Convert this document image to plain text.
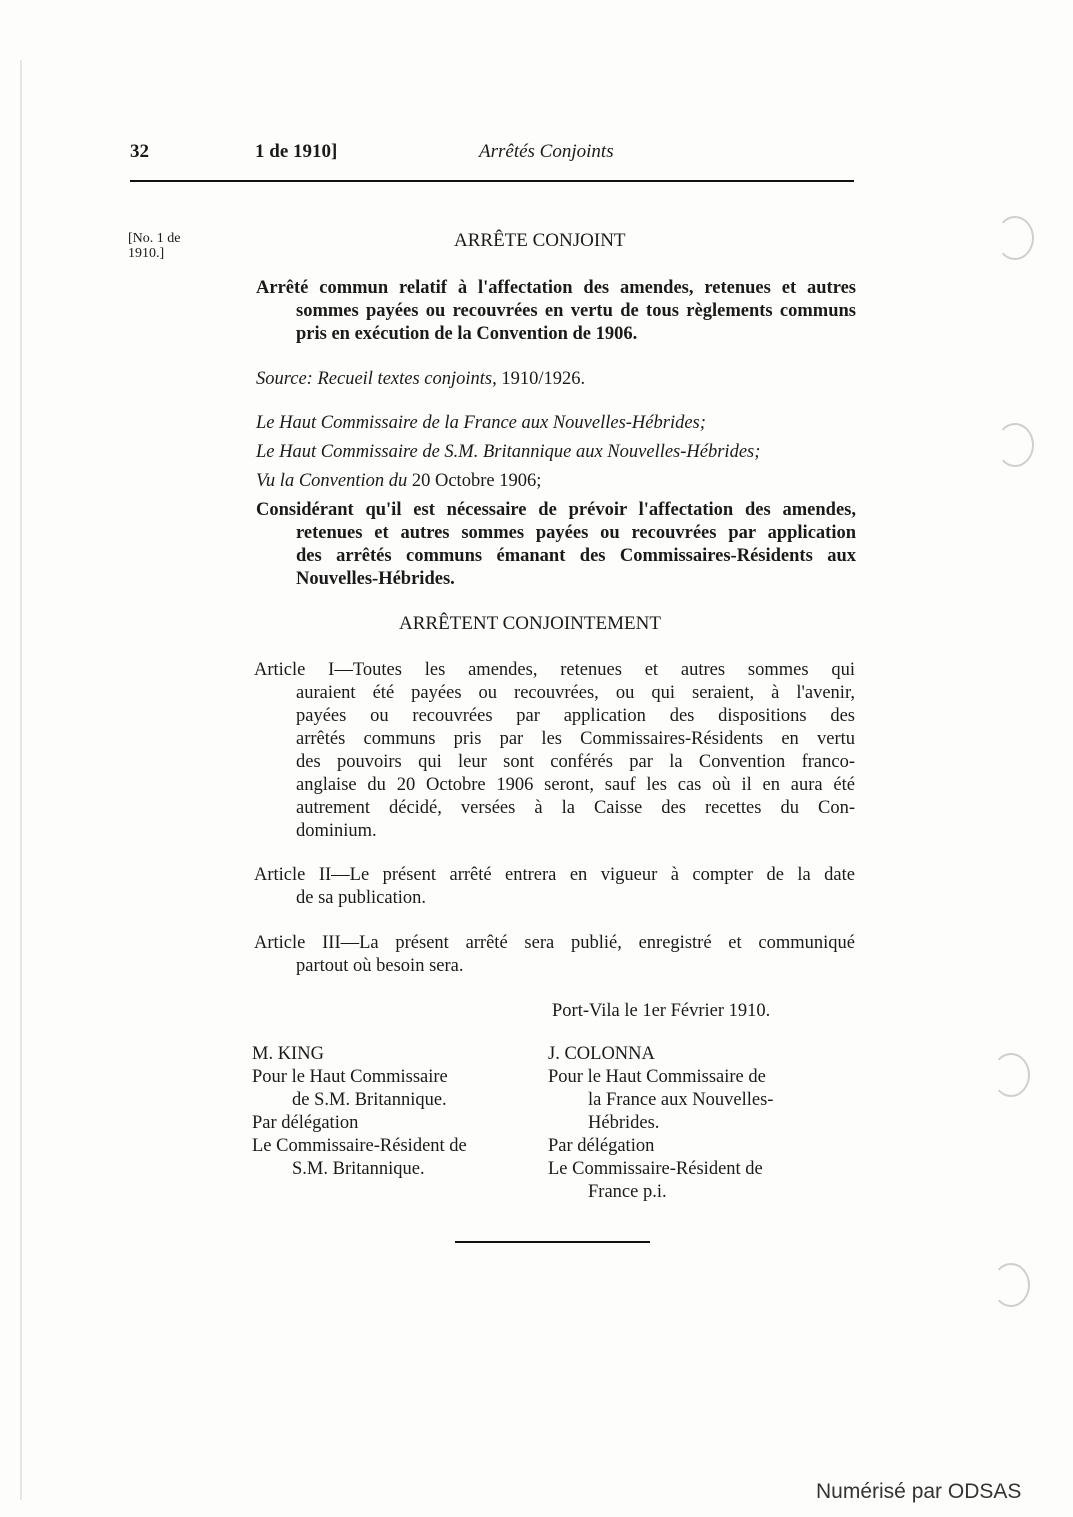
32	1 de 1910]	Arrêtés Conjoints
[No. 1 de
1910.]
ARRÊTE CONJOINT
Arrêté commun relatif à l'affectation des amendes, retenues et autres
sommes payées ou recouvrées en vertu de tous règlements communs
pris en exécution de la Convention de 1906.
Source: Recueil textes conjoints, 1910/1926.
Le Haut Commissaire de la France aux Nouvelles-Hébrides;
Le Haut Commissaire de S.M. Britannique aux Nouvelles-Hébrides;
Vu la Convention du 20 Octobre 1906;
Considérant qu'il est nécessaire de prévoir l'affectation des amendes,
retenues et autres sommes payées ou recouvrées par application
des arrêtés communs émanant des Commissaires-Résidents aux
Nouvelles-Hébrides.
ARRÊTENT CONJOINTEMENT
Article I—Toutes les amendes, retenues et autres sommes qui
auraient été payées ou recouvrées, ou qui seraient, à l'avenir,
payées ou recouvrées par application des dispositions des
arrêtés communs pris par les Commissaires-Résidents en vertu
des pouvoirs qui leur sont conférés par la Convention franco-
anglaise du 20 Octobre 1906 seront, sauf les cas où il en aura été
autrement décidé, versées à la Caisse des recettes du Con-
dominium.
Article II—Le présent arrêté entrera en vigueur à compter de la date
de sa publication.
Article III—La présent arrêté sera publié, enregistré et communiqué
partout où besoin sera.
Port-Vila le 1er Février 1910.
M. KING
Pour le Haut Commissaire
de S.M. Britannique.
Par délégation
Le Commissaire-Résident de
S.M. Britannique.
J. COLONNA
Pour le Haut Commissaire de
la France aux Nouvelles-
Hébrides.
Par délégation
Le Commissaire-Résident de
France p.i.
Numérisé par ODSAS
